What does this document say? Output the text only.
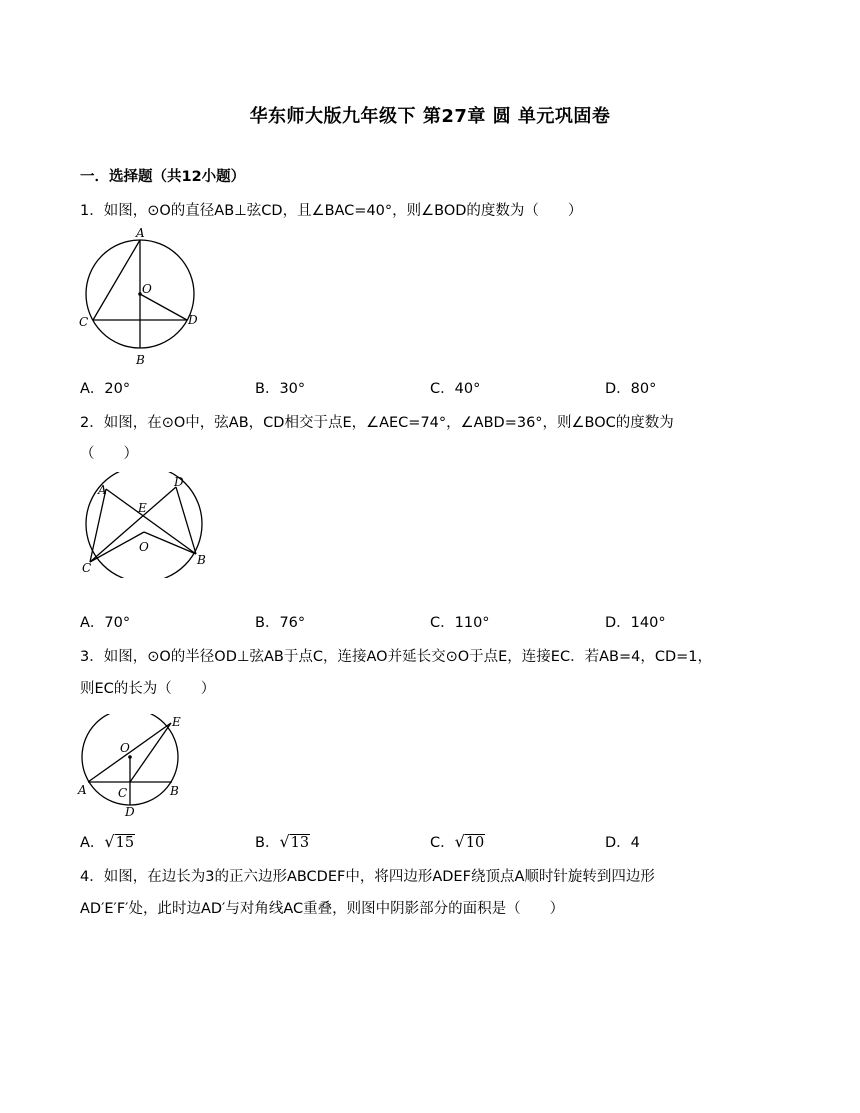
华东师大版九年级下 第27章 圆 单元巩固卷
一．选择题（共12小题）
1．如图，⊙O的直径AB⊥弦CD，且∠BAC=40°，则∠BOD的度数为（　　）
A
O
C	D
B
A．20°	B．30°	C．40°	D．80°
2．如图，在⊙O中，弦AB，CD相交于点E，∠AEC=74°，∠ABD=36°，则∠BOC的度数为
（　　）
A
D
E
O
C
B
A．70°	B．76°	C．110°	D．140°
3．如图，⊙O的半径OD⊥弦AB于点C，连接AO并延长交⊙O于点E，连接EC．若AB=4，CD=1，
则EC的长为（　　）
E
O
A	C	B
D
A．√15	B．√13	C．√10	D．4
4．如图，在边长为3的正六边形ABCDEF中，将四边形ADEF绕顶点A顺时针旋转到四边形
AD′E′F′处，此时边AD′与对角线AC重叠，则图中阴影部分的面积是（　　）
